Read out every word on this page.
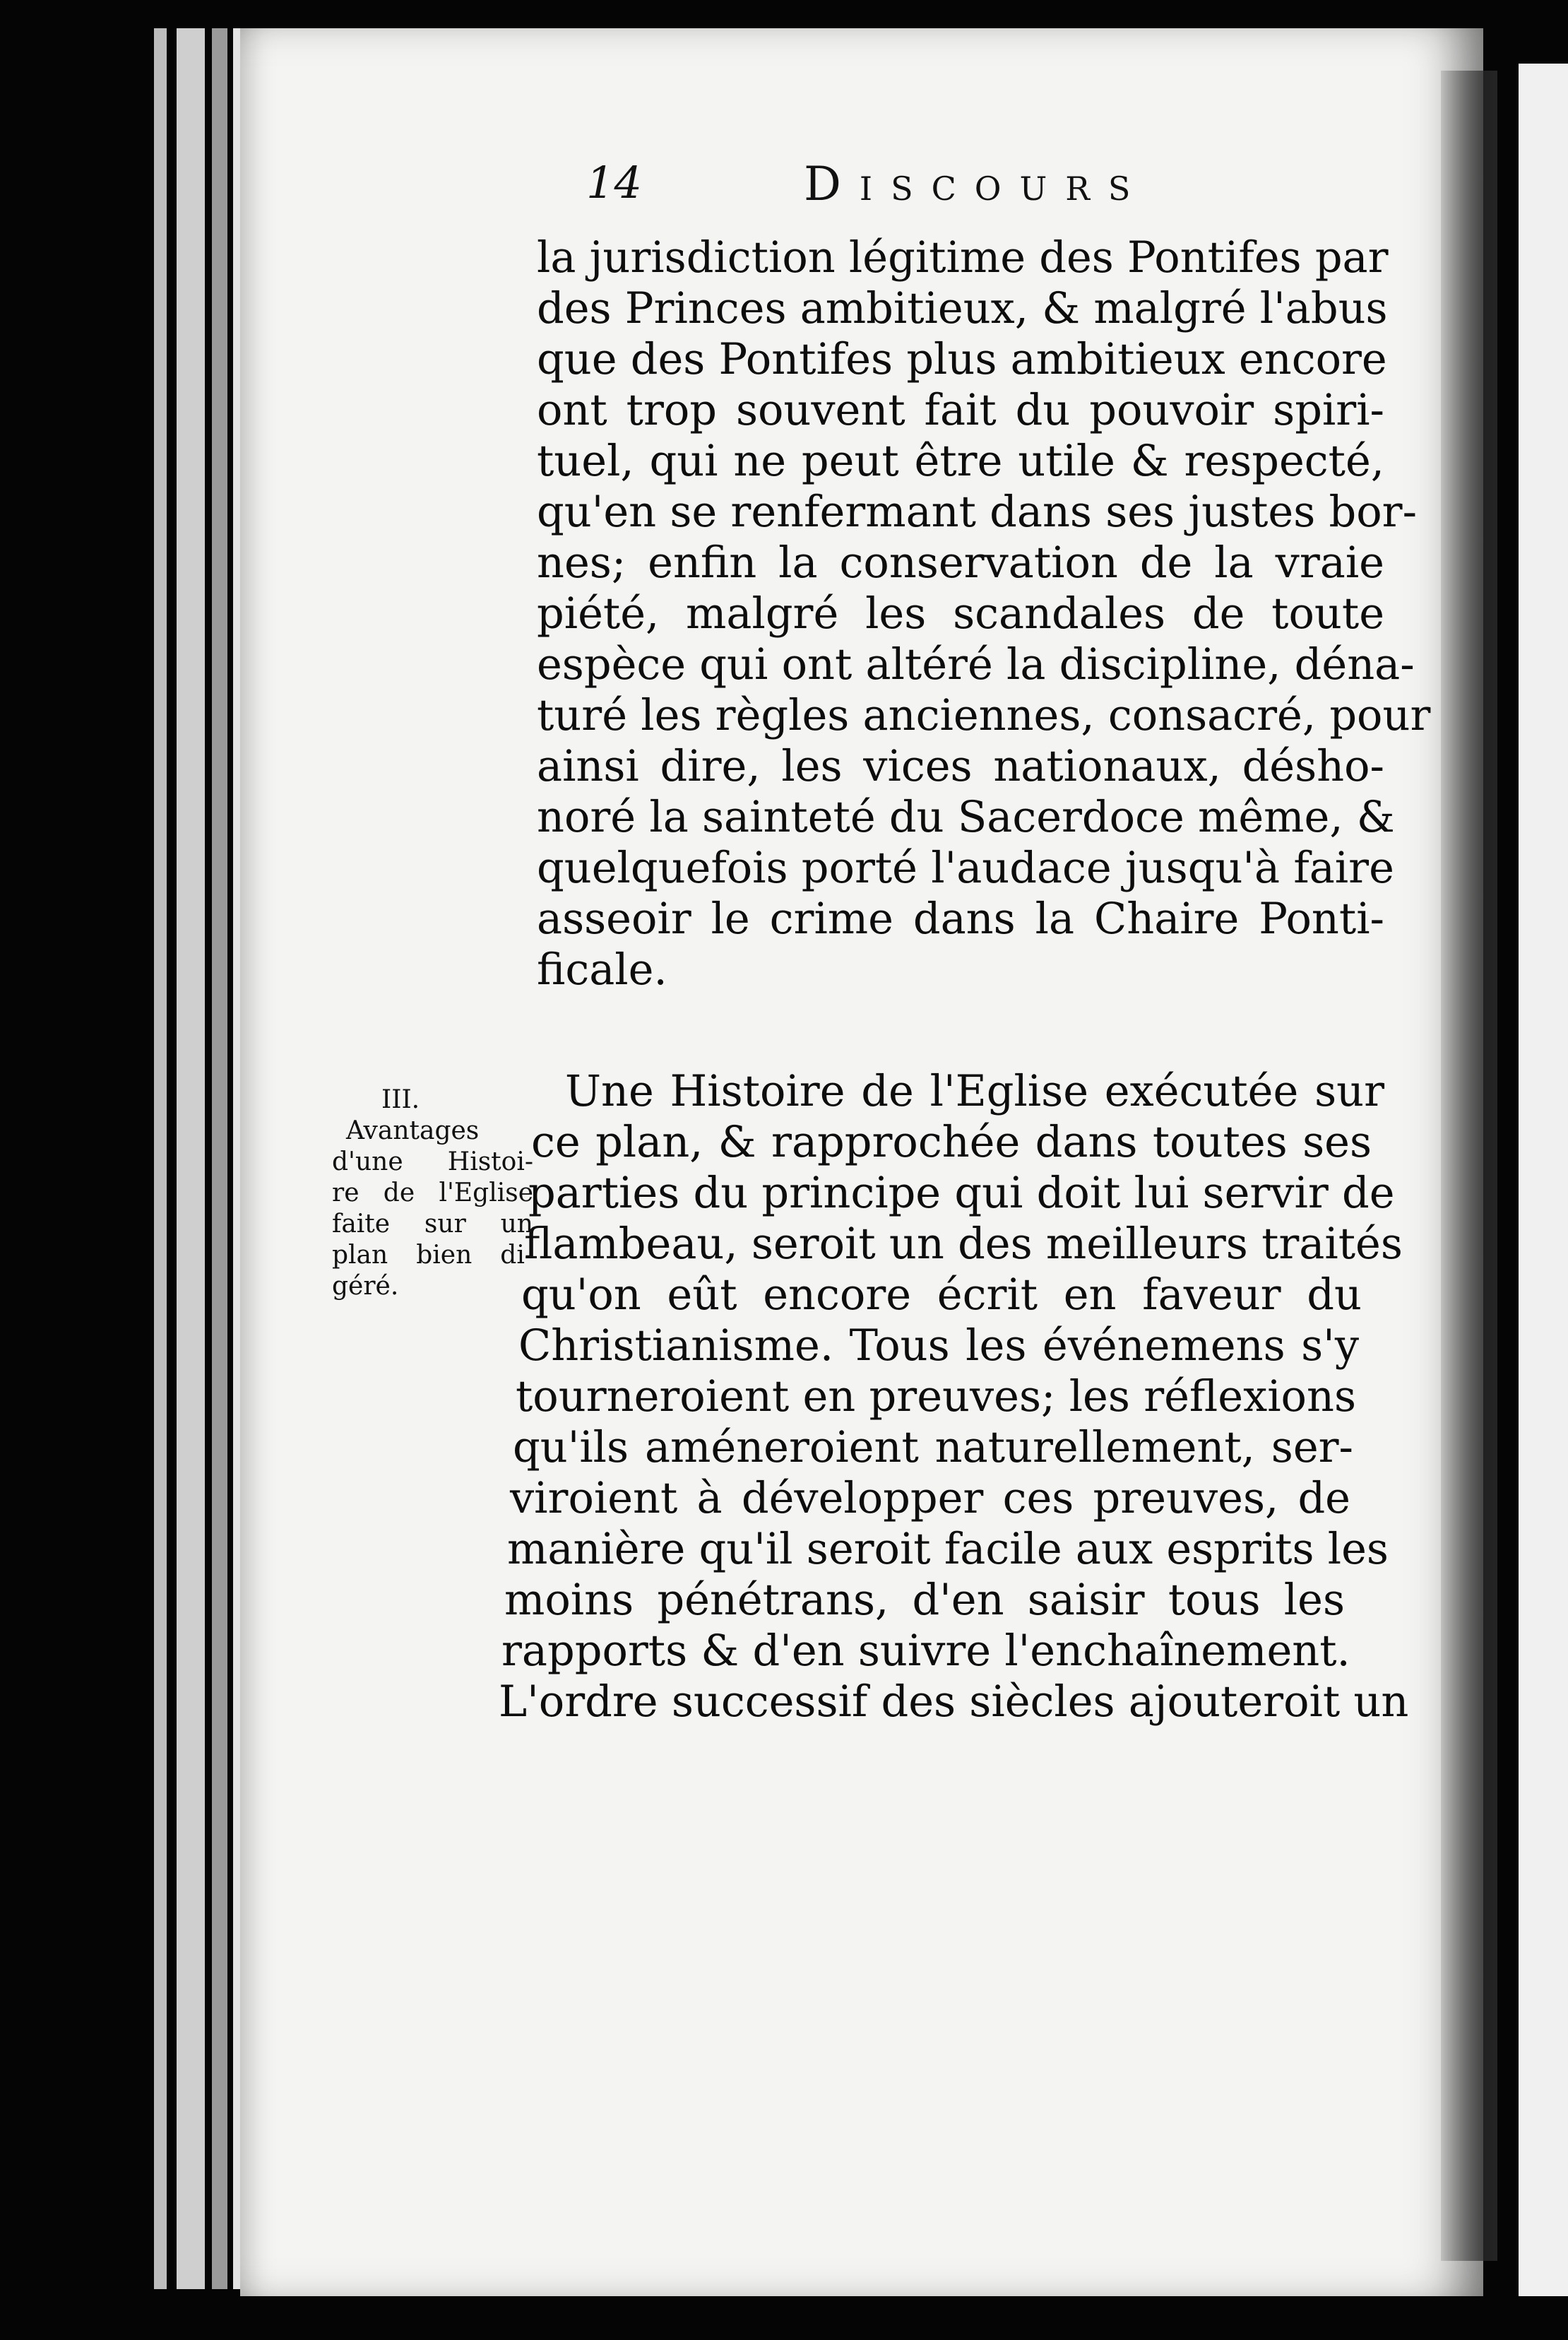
14	Discours
la jurisdiction légitime des Pontifes par
des Princes ambitieux, & malgré l'abus
que des Pontifes plus ambitieux encore
ont trop souvent fait du pouvoir spiri-
tuel, qui ne peut être utile & respecté,
qu'en se renfermant dans ses justes bor-
nes; enfin la conservation de la vraie
piété, malgré les scandales de toute
espèce qui ont altéré la discipline, déna-
turé les règles anciennes, consacré, pour
ainsi dire, les vices nationaux, désho-
noré la sainteté du Sacerdoce même, &
quelquefois porté l'audace jusqu'à faire
asseoir le crime dans la Chaire Ponti-
ficale.
Une Histoire de l'Eglise exécutée sur
ce plan, & rapprochée dans toutes ses
parties du principe qui doit lui servir de
flambeau, seroit un des meilleurs traités
qu'on eût encore écrit en faveur du
Christianisme. Tous les événemens s'y
tourneroient en preuves; les réflexions
qu'ils améneroient naturellement, ser-
viroient à développer ces preuves, de
manière qu'il seroit facile aux esprits les
moins pénétrans, d'en saisir tous les
rapports & d'en suivre l'enchaînement.
L'ordre successif des siècles ajouteroit un
III.
Avantages
d'une Histoi-
re de l'Eglise
faite sur un
plan bien di-
géré.
